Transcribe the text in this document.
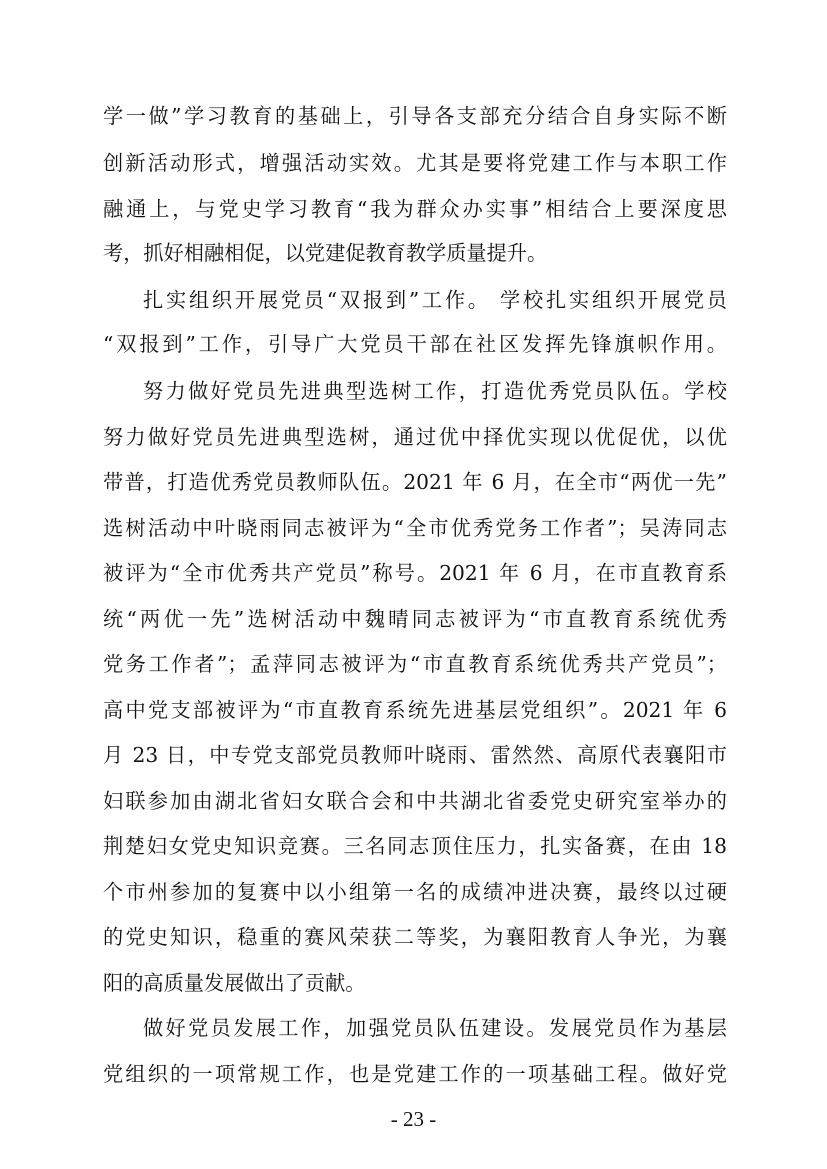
学一做”学习教育的基础上，引导各支部充分结合自身实际不断
创新活动形式，增强活动实效。尤其是要将党建工作与本职工作
融通上，与党史学习教育“我为群众办实事”相结合上要深度思
考，抓好相融相促，以党建促教育教学质量提升。
扎实组织开展党员“双报到”工作。 学校扎实组织开展党员
“双报到”工作，引导广大党员干部在社区发挥先锋旗帜作用。
努力做好党员先进典型选树工作，打造优秀党员队伍。学校
努力做好党员先进典型选树，通过优中择优实现以优促优，以优
带普，打造优秀党员教师队伍。2021 年 6 月，在全市“两优一先”
选树活动中叶晓雨同志被评为“全市优秀党务工作者”；吴涛同志
被评为“全市优秀共产党员”称号。2021 年 6 月，在市直教育系
统“两优一先”选树活动中魏晴同志被评为“市直教育系统优秀
党务工作者”；孟萍同志被评为“市直教育系统优秀共产党员”；
高中党支部被评为“市直教育系统先进基层党组织”。2021 年 6
月 23 日，中专党支部党员教师叶晓雨、雷然然、高原代表襄阳市
妇联参加由湖北省妇女联合会和中共湖北省委党史研究室举办的
荆楚妇女党史知识竞赛。三名同志顶住压力，扎实备赛，在由 18
个市州参加的复赛中以小组第一名的成绩冲进决赛，最终以过硬
的党史知识，稳重的赛风荣获二等奖，为襄阳教育人争光，为襄
阳的高质量发展做出了贡献。
做好党员发展工作，加强党员队伍建设。发展党员作为基层
党组织的一项常规工作，也是党建工作的一项基础工程。做好党
- 23 -
